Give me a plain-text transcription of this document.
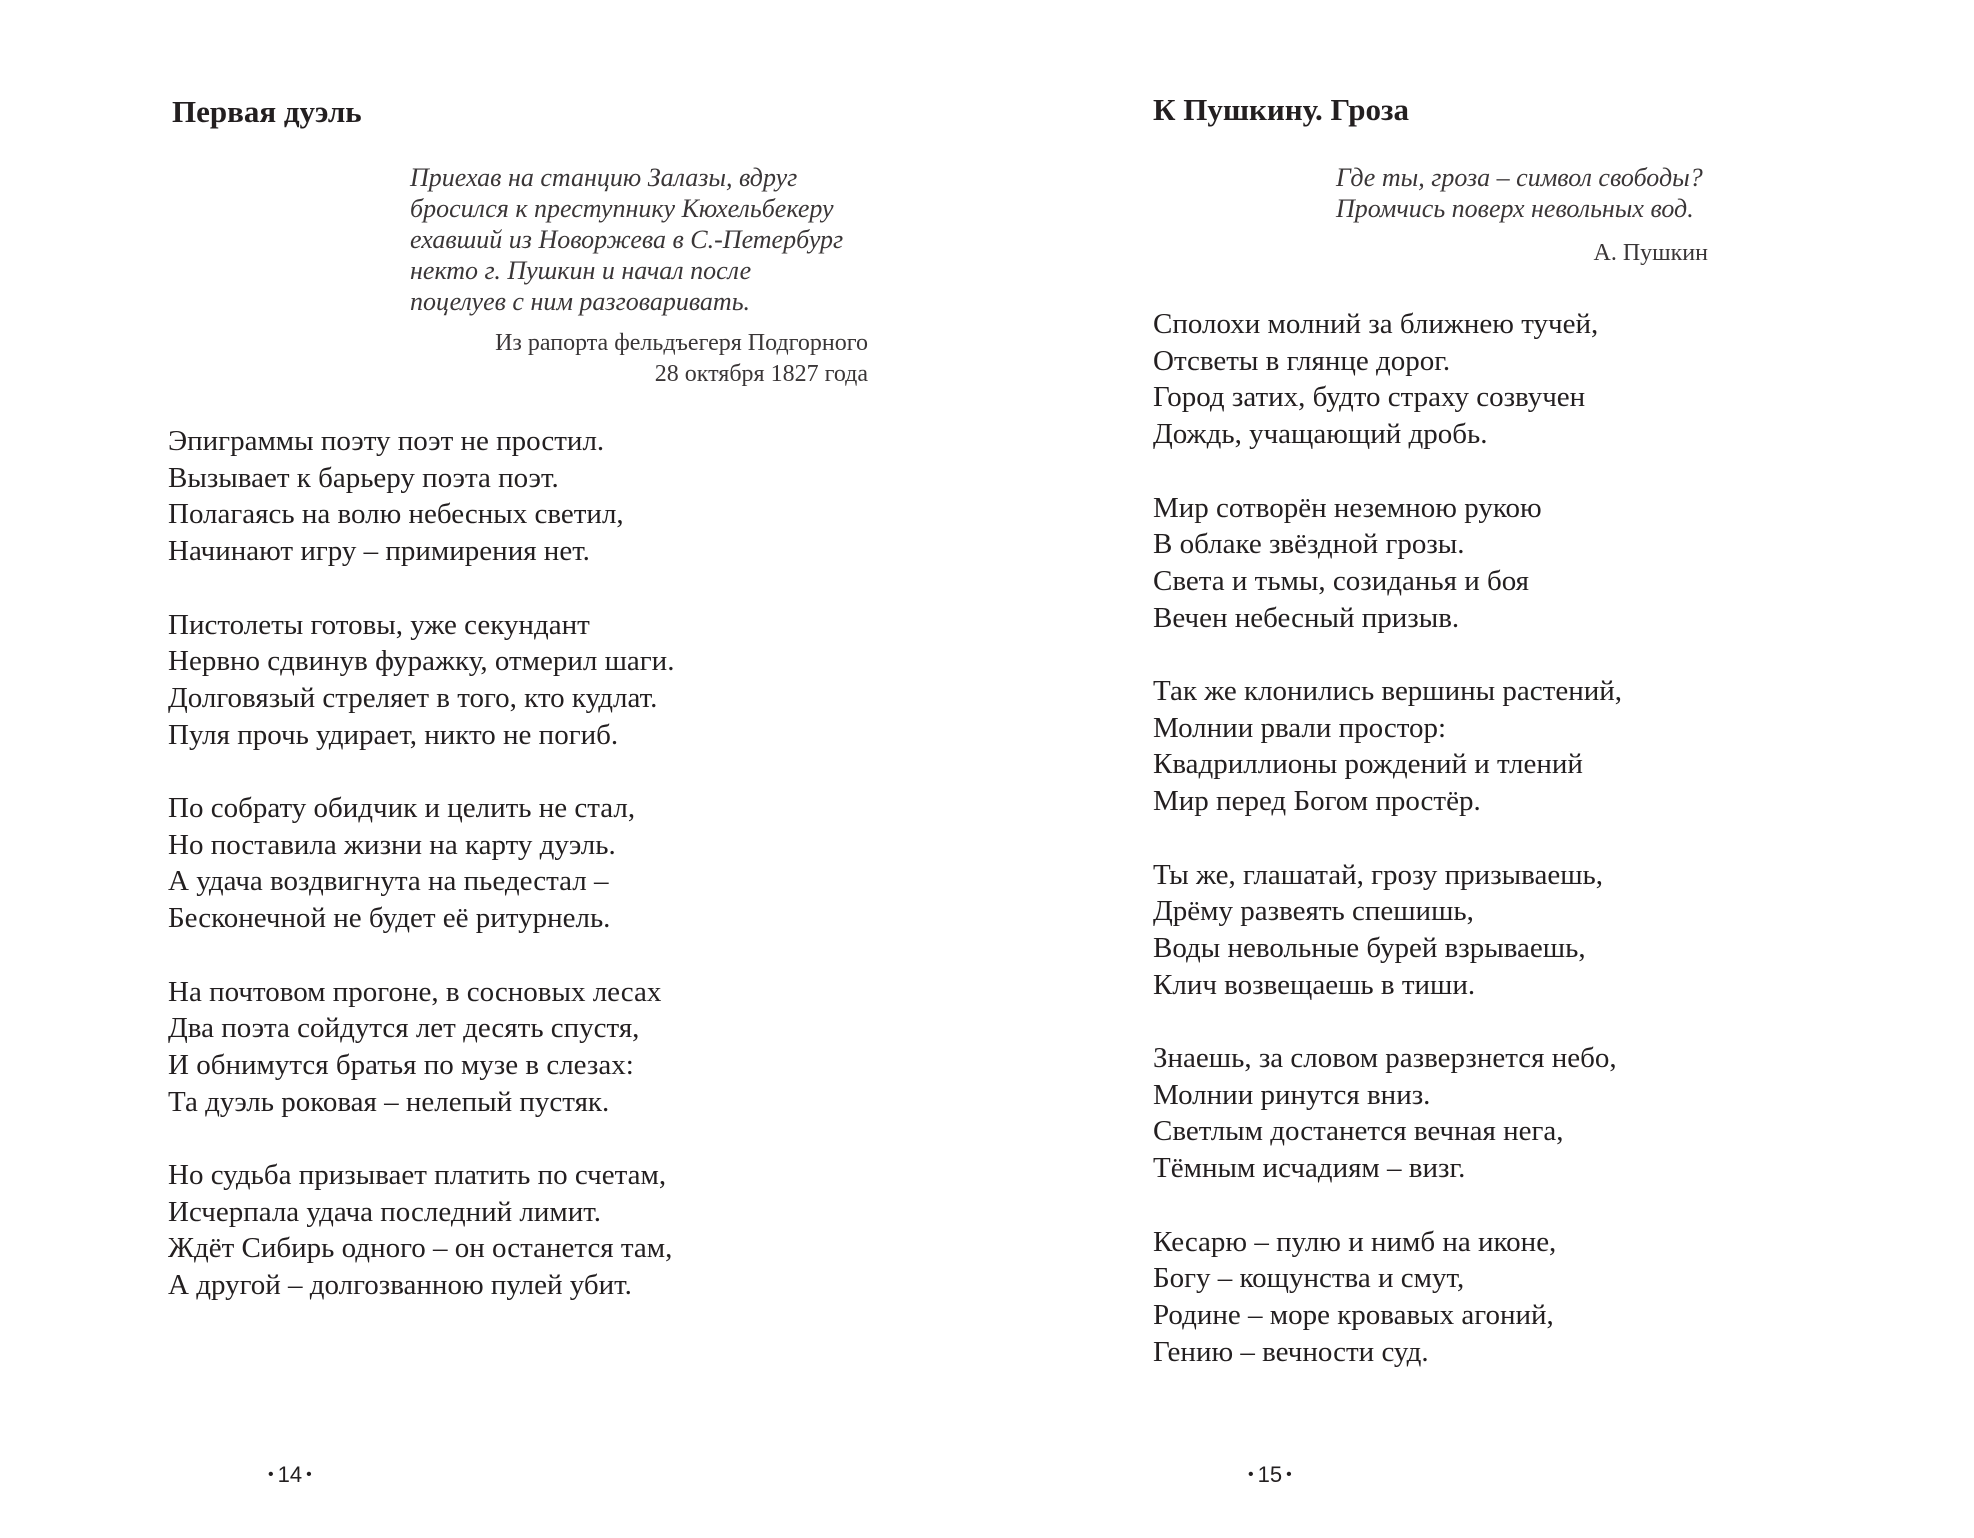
Первая дуэль
Приехав на станцию Залазы, вдруг
бросился к преступнику Кюхельбекеру
ехавший из Новоржева в С.-Петербург
некто г. Пушкин и начал после
поцелуев с ним разговаривать.
Из рапорта фельдъегеря Подгорного
28 октября 1827 года
Эпиграммы поэту поэт не простил.
Вызывает к барьеру поэта поэт.
Полагаясь на волю небесных светил,
Начинают игру – примирения нет.
Пистолеты готовы, уже секундант
Нервно сдвинув фуражку, отмерил шаги.
Долговязый стреляет в того, кто кудлат.
Пуля прочь удирает, никто не погиб.
По собрату обидчик и целить не стал,
Но поставила жизни на карту дуэль.
А удача воздвигнута на пьедестал –
Бесконечной не будет её ритурнель.
На почтовом прогоне, в сосновых лесах
Два поэта сойдутся лет десять спустя,
И обнимутся братья по музе в слезах:
Та дуэль роковая – нелепый пустяк.
Но судьба призывает платить по счетам,
Исчерпала удача последний лимит.
Ждёт Сибирь одного – он останется там,
А другой – долгозванною пулей убит.
• 14 •
К Пушкину. Гроза
Где ты, гроза – символ свободы?
Промчись поверх невольных вод.
А. Пушкин
Сполохи молний за ближнею тучей,
Отсветы в глянце дорог.
Город затих, будто страху созвучен
Дождь, учащающий дробь.
Мир сотворён неземною рукою
В облаке звёздной грозы.
Света и тьмы, созиданья и боя
Вечен небесный призыв.
Так же клонились вершины растений,
Молнии рвали простор:
Квадриллионы рождений и тлений
Мир перед Богом простёр.
Ты же, глашатай, грозу призываешь,
Дрёму развеять спешишь,
Воды невольные бурей взрываешь,
Клич возвещаешь в тиши.
Знаешь, за словом разверзнется небо,
Молнии ринутся вниз.
Светлым достанется вечная нега,
Тёмным исчадиям – визг.
Кесарю – пулю и нимб на иконе,
Богу – кощунства и смут,
Родине – море кровавых агоний,
Гению – вечности суд.
• 15 •
